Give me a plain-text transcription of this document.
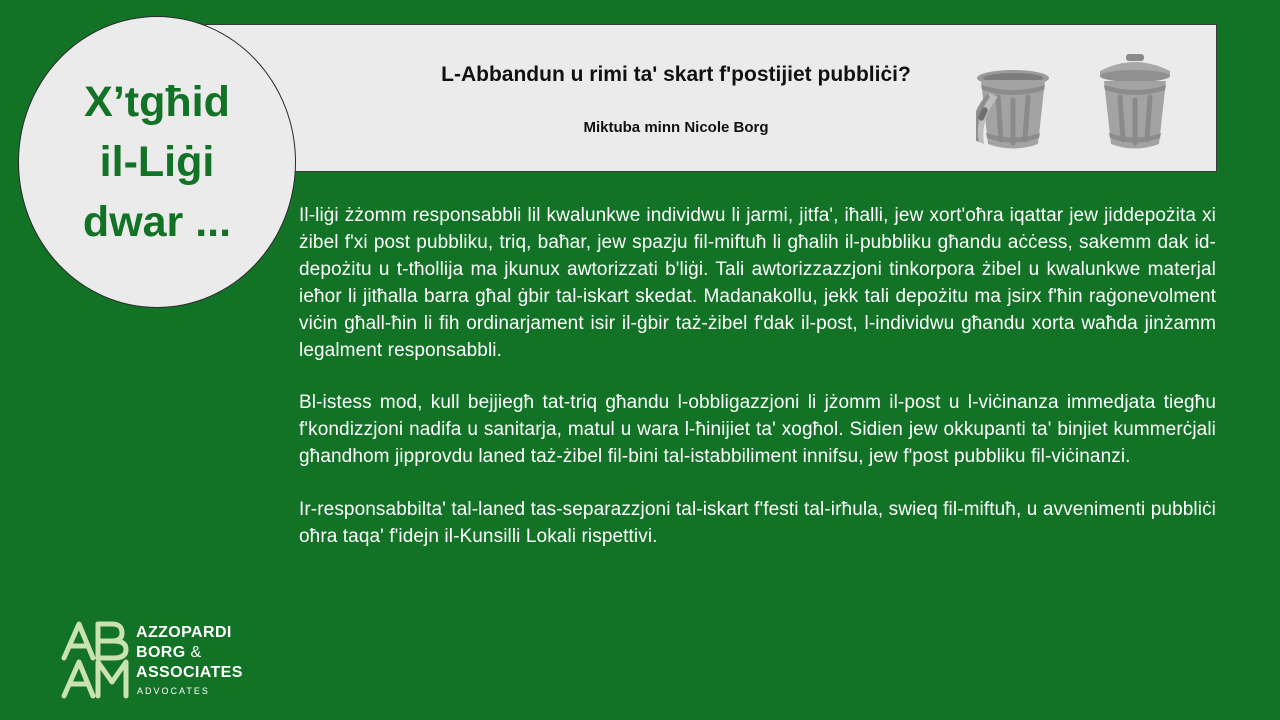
L-Abbandun u rimi ta' skart f'postijiet pubbliċi?
Miktuba minn Nicole Borg
X’tgħid
il-Liġi
dwar ...	Il-liġi żżomm responsabbli lil kwalunkwe individwu li jarmi, jitfa', iħalli, jew xort'oħra iqattar jew jiddepożita xi żibel f'xi post pubbliku, triq, baħar, jew spazju fil-miftuħ li għalih il-pubbliku għandu aċċess, sakemm dak id-depożitu u t-tħollija ma jkunux awtorizzati b'liġi. Tali awtorizzazzjoni tinkorpora żibel u kwalunkwe materjal ieħor li jitħalla barra għal ġbir tal-iskart skedat. Madanakollu, jekk tali depożitu ma jsirx f'ħin raġonevolment viċin għall-ħin li fih ordinarjament isir il-ġbir taż-żibel f'dak il-post, l-individwu għandu xorta waħda jinżamm legalment responsabbli.

Bl-istess mod, kull bejjiegħ tat-triq għandu l-obbligazzjoni li jżomm il-post u l-viċinanza immedjata tiegħu f'kondizzjoni nadifa u sanitarja, matul u wara l-ħinijiet ta' xogħol. Sidien jew okkupanti ta' binjiet kummerċjali għandhom jipprovdu laned taż-żibel fil-bini tal-istabbiliment innifsu, jew f'post pubbliku fil-viċinanzi.

Ir-responsabbilta' tal-laned tas-separazzjoni tal-iskart f'festi tal-irħula, swieq fil-miftuħ, u avvenimenti pubbliċi oħra taqa' f'idejn il-Kunsilli Lokali rispettivi.

AZZOPARDI
BORG &
ASSOCIATES
ADVOCATES
